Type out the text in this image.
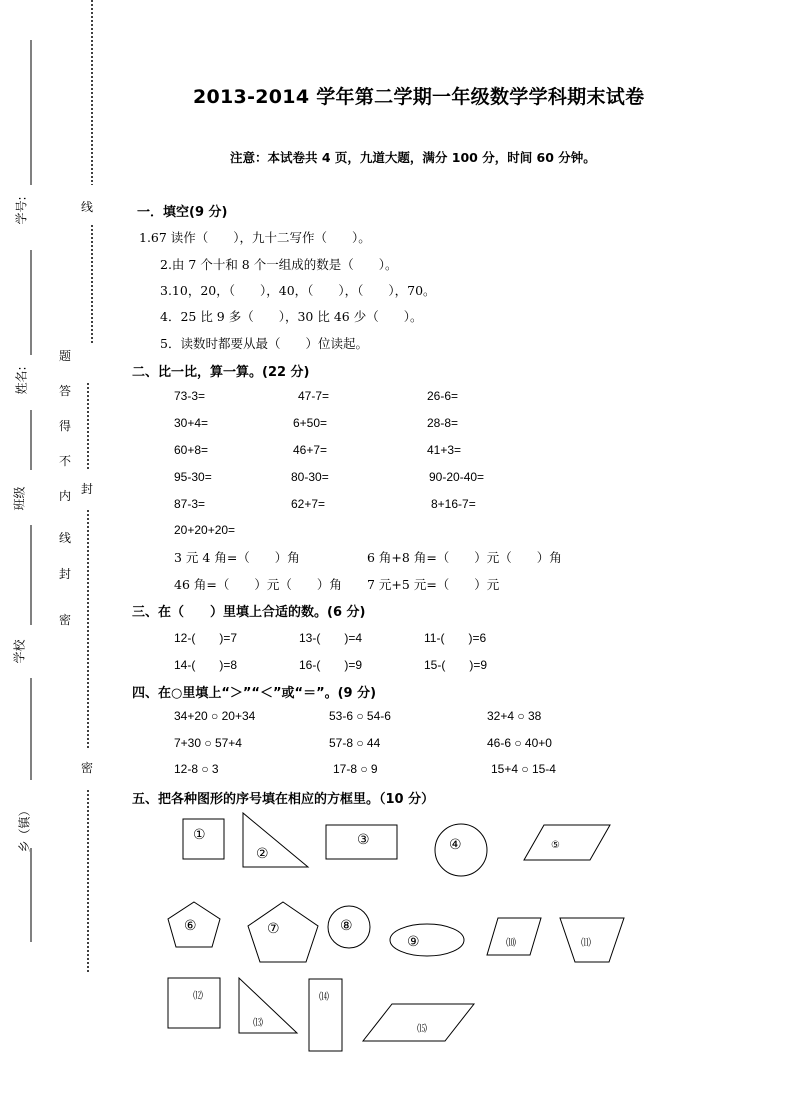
学号:
姓名:
班级
学校
乡（镇）
线
题
答
得
不
内 封
线
封
密
密
2013-2014 学年第二学期一年级数学学科期末试卷
注意：本试卷共 4 页，九道大题，满分 100 分，时间 60 分钟。
一．填空(9 分)
1.67 读作（　　），九十二写作（　　）。
2.由 7 个十和 8 个一组成的数是（　　）。
3.10，20，（　　），40，（　　），（　　），70。
4．25 比 9 多（　　），30 比 46 少（　　）。
5．读数时都要从最（　　）位读起。
二、比一比，算一算。(22 分)
73-3=	47-7=	26-6=
30+4=	6+50=	28-8=
60+8=	46+7=	41+3=
95-30=	80-30=	90-20-40=
87-3=	62+7=	8+16-7=
20+20+20=
3 元 4 角=（　　）角	6 角+8 角=（　　）元（　　）角
46 角=（　　）元（　　）角 7 元+5 元=（　　）元
三、在（　　）里填上合适的数。(6 分)
12-(　　)=7	13-(　　)=4	11-(　　)=6
14-(　　)=8	16-(　　)=9	15-(　　)=9
四、在○里填上“＞”“＜”或“＝”。(9 分)
34+20 ○ 20+34	53-6 ○ 54-6	32+4 ○ 38
7+30 ○ 57+4	57-8 ○ 44	46-6 ○ 40+0
12-8 ○ 3	17-8 ○ 9	15+4 ○ 15-4
五、把各种图形的序号填在相应的方框里。（10 分）
①
②
③	④	⑤
⑥	⑦	⑧
⑨	⑽	⑾
⑿
⒀
⒁
⒂
